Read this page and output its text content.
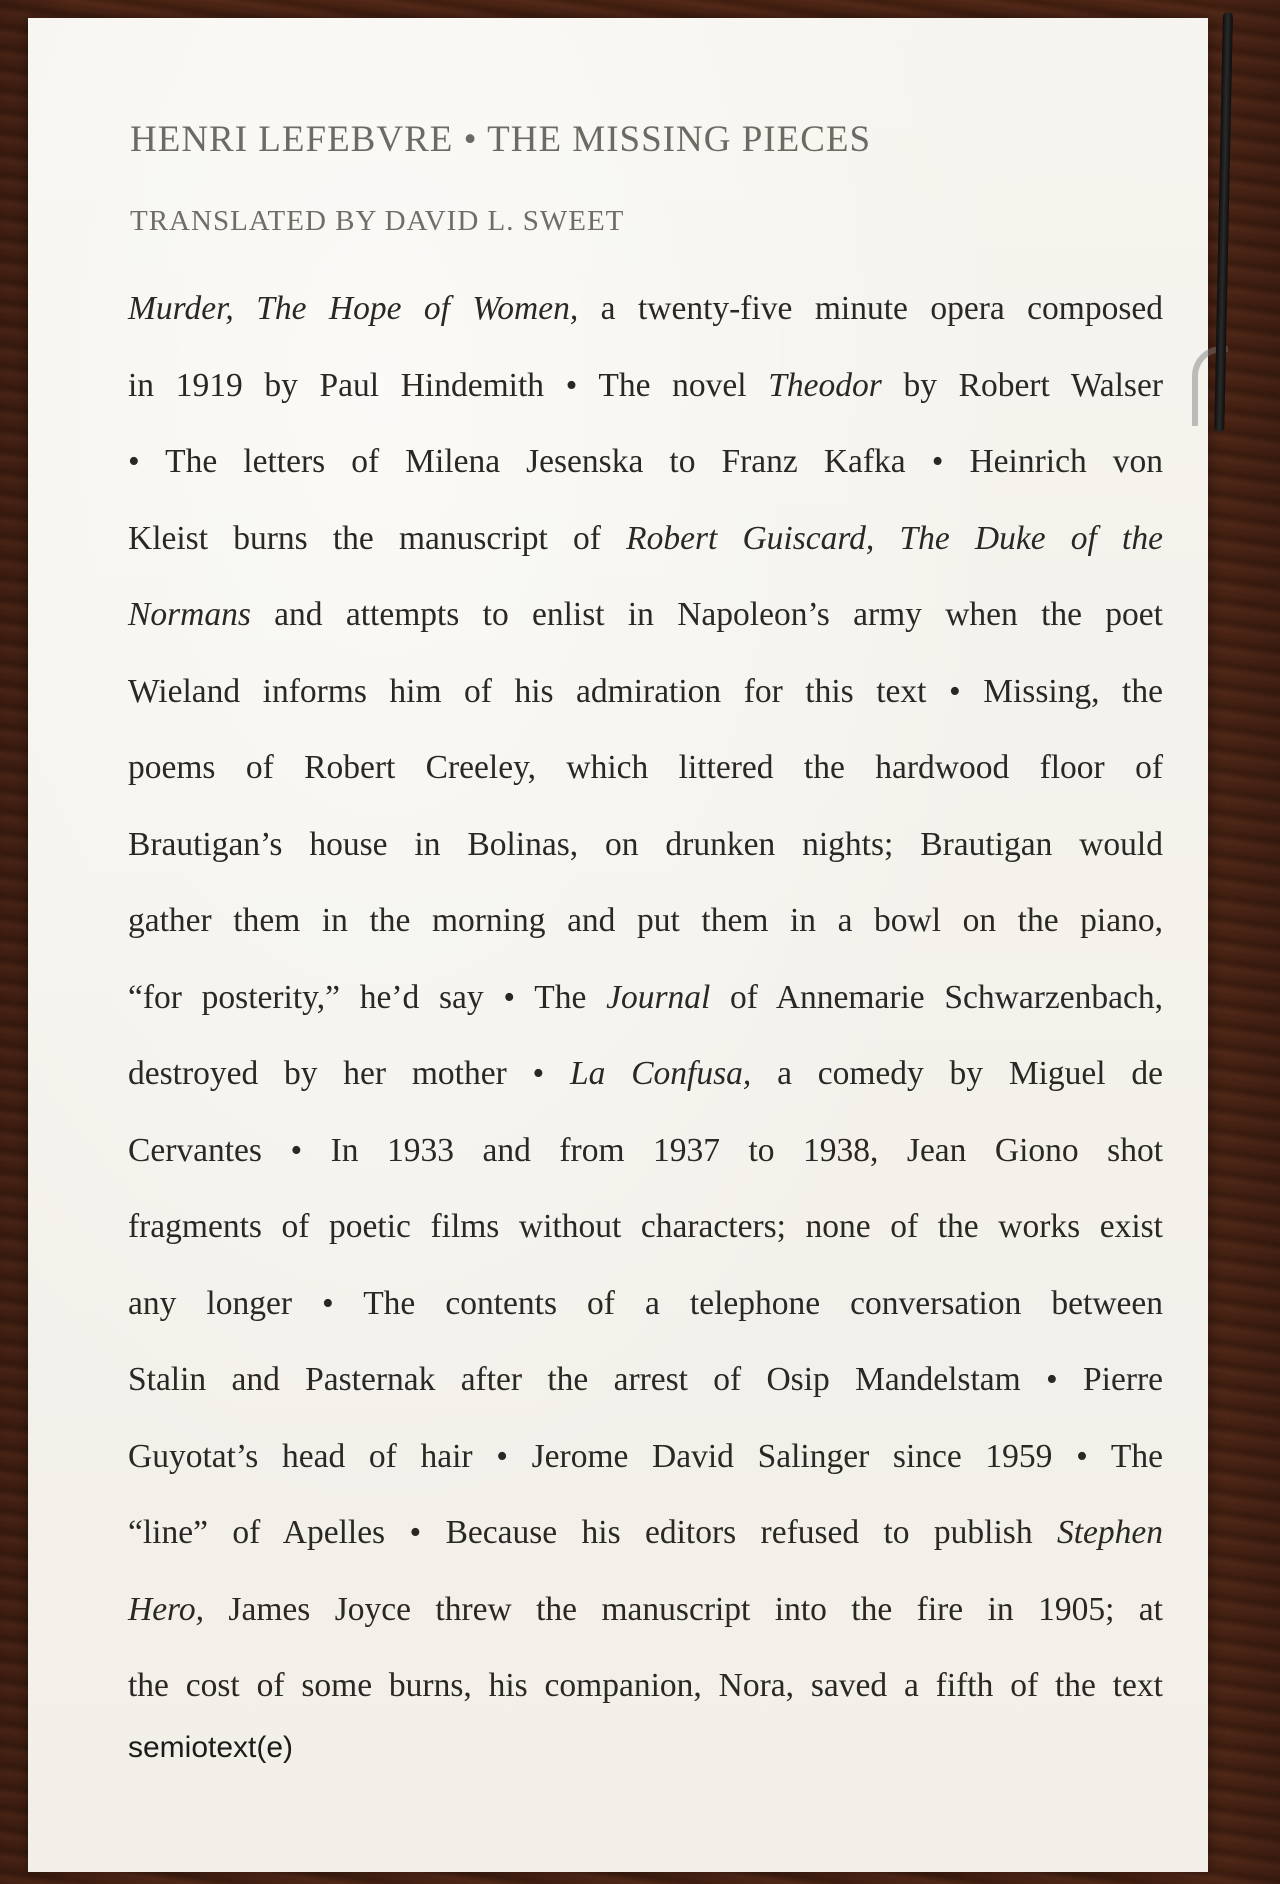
HENRI LEFEBVRE • THE MISSING PIECES
TRANSLATED BY DAVID L. SWEET
Murder, The Hope of Women, a twenty-five minute opera composed
in 1919 by Paul Hindemith • The novel Theodor by Robert Walser
• The letters of Milena Jesenska to Franz Kafka • Heinrich von
Kleist burns the manuscript of Robert Guiscard, The Duke of the
Normans and attempts to enlist in Napoleon’s army when the poet
Wieland informs him of his admiration for this text • Missing, the
poems of Robert Creeley, which littered the hardwood floor of
Brautigan’s house in Bolinas, on drunken nights; Brautigan would
gather them in the morning and put them in a bowl on the piano,
“for posterity,” he’d say • The Journal of Annemarie Schwarzenbach,
destroyed by her mother • La Confusa, a comedy by Miguel de
Cervantes • In 1933 and from 1937 to 1938, Jean Giono shot
fragments of poetic films without characters; none of the works exist
any longer • The contents of a telephone conversation between
Stalin and Pasternak after the arrest of Osip Mandelstam • Pierre
Guyotat’s head of hair • Jerome David Salinger since 1959 • The
“line” of Apelles • Because his editors refused to publish Stephen
Hero, James Joyce threw the manuscript into the fire in 1905; at
the cost of some burns, his companion, Nora, saved a fifth of the text
semiotext(e)
